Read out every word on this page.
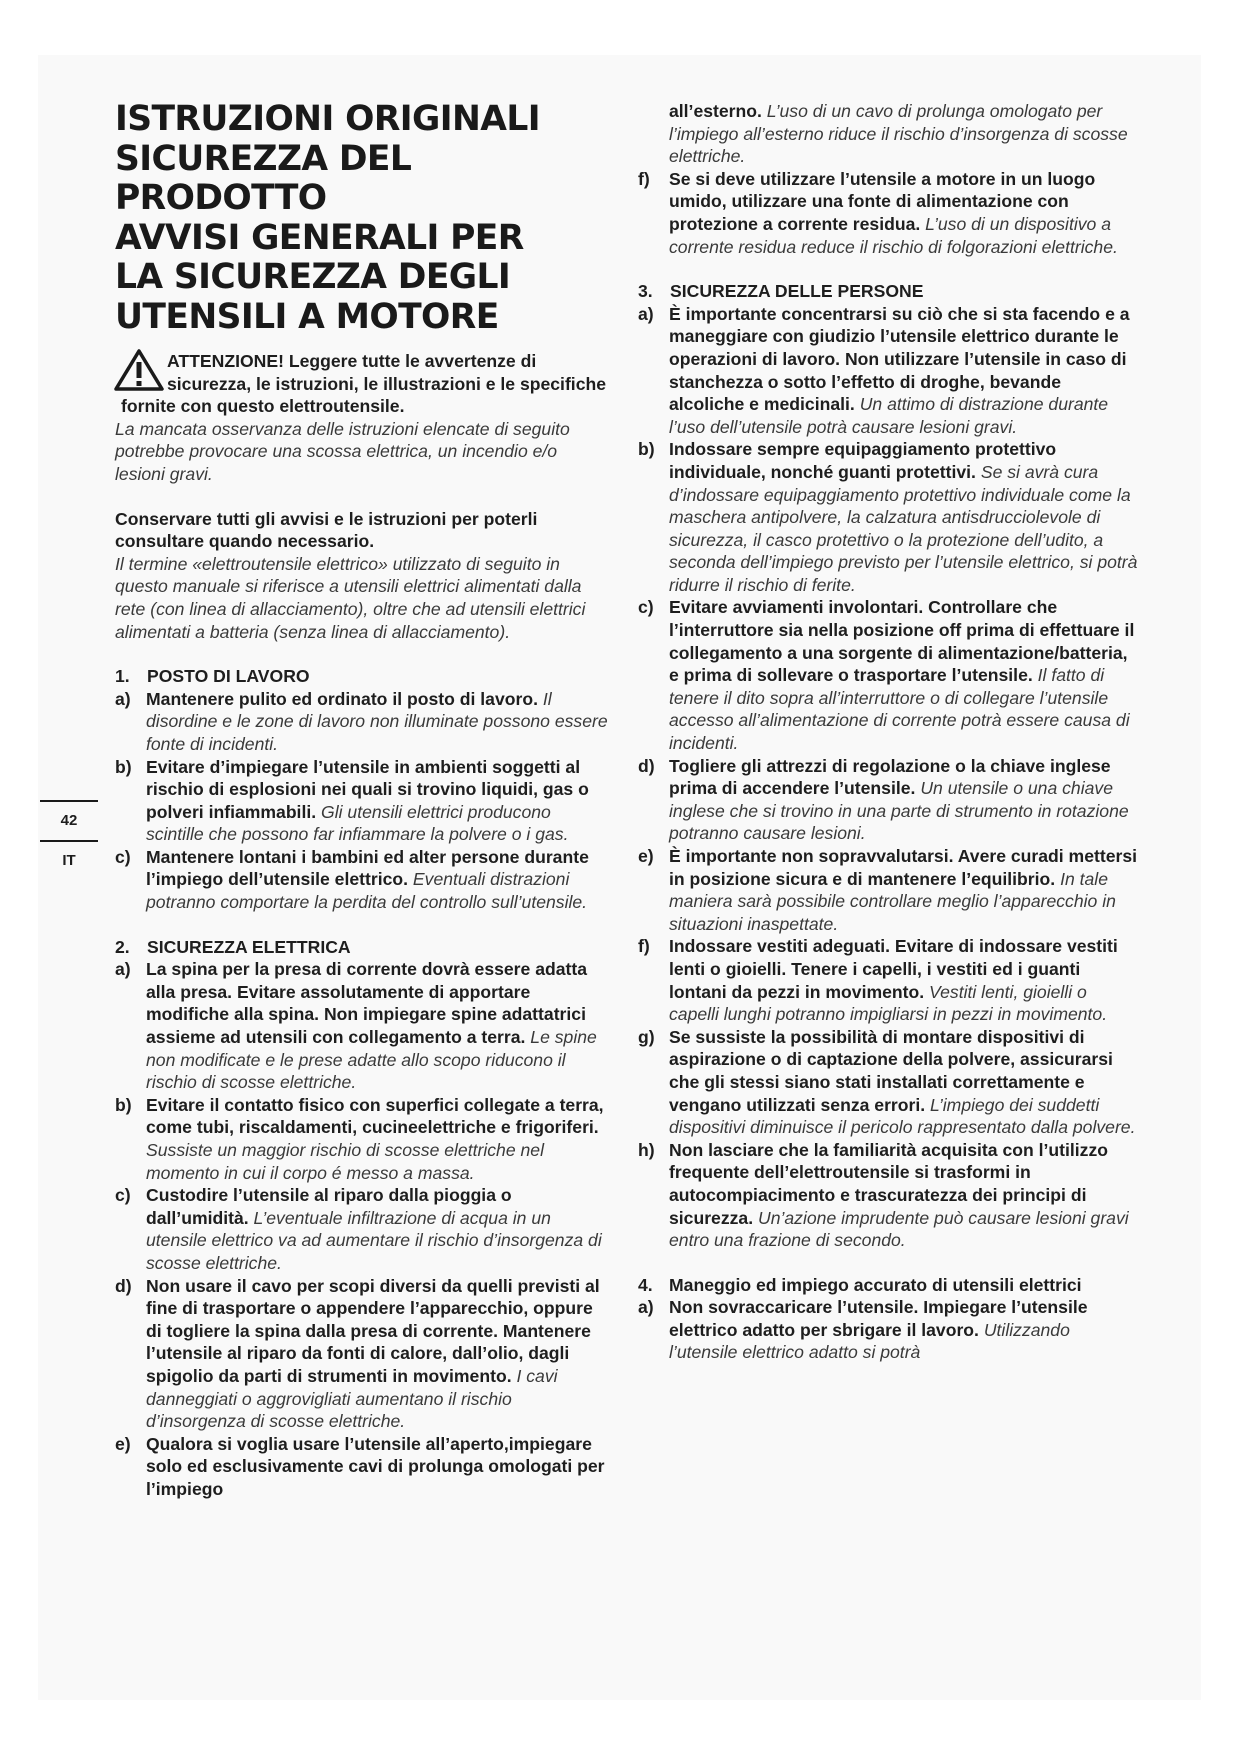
42
IT
ISTRUZIONI ORIGINALI
SICUREZZA DEL
PRODOTTO
AVVISI GENERALI PER
LA SICUREZZA DEGLI
UTENSILI A MOTORE

ATTENZIONE! Leggere tutte le avvertenze di sicurezza, le istruzioni, le illustrazioni e le specifiche fornite con questo elettroutensile.

La mancata osservanza delle istruzioni elencate di seguito potrebbe provocare una scossa elettrica, un incendio e/o lesioni gravi.

Conservare tutti gli avvisi e le istruzioni per poterli consultare quando necessario.

Il termine «elettroutensile elettrico» utilizzato di seguito in questo manuale si riferisce a utensili elettrici alimentati dalla rete (con linea di allacciamento), oltre che ad utensili elettrici alimentati a batteria (senza linea di allacciamento).

1. POSTO DI LAVORO
a) Mantenere pulito ed ordinato il posto di lavoro. Il disordine e le zone di lavoro non illuminate possono essere fonte di incidenti.
b) Evitare d’impiegare l’utensile in ambienti soggetti al rischio di esplosioni nei quali si trovino liquidi, gas o polveri infiammabili. Gli utensili elettrici producono scintille che possono far infiammare la polvere o i gas.
c) Mantenere lontani i bambini ed alter persone durante l’impiego dell’utensile elettrico. Eventuali distrazioni potranno comportare la perdita del controllo sull’utensile.
2. SICUREZZA ELETTRICA
a) La spina per la presa di corrente dovrà essere adatta alla presa. Evitare assolutamente di apportare modifiche alla spina. Non impiegare spine adattatrici assieme ad utensili con collegamento a terra. Le spine non modificate e le prese adatte allo scopo riducono il rischio di scosse elettriche.
b) Evitare il contatto fisico con superfici collegate a terra, come tubi, riscaldamenti, cucineelettriche e frigoriferi. Sussiste un maggior rischio di scosse elettriche nel momento in cui il corpo é messo a massa.
c) Custodire l’utensile al riparo dalla pioggia o dall’umidità. L’eventuale infiltrazione di acqua in un utensile elettrico va ad aumentare il rischio d’insorgenza di scosse elettriche.
d) Non usare il cavo per scopi diversi da quelli previsti al fine di trasportare o appendere l’apparecchio, oppure di togliere la spina dalla presa di corrente. Mantenere l’utensile al riparo da fonti di calore, dall’olio, dagli spigolio da parti di strumenti in movimento. I cavi danneggiati o aggrovigliati aumentano il rischio d’insorgenza di scosse elettriche.
e) Qualora si voglia usare l’utensile all’aperto,impiegare solo ed esclusivamente cavi di prolunga omologati per l’impiego
all’esterno. L’uso di un cavo di prolunga omologato per l’impiego all’esterno riduce il rischio d’insorgenza di scosse elettriche.
f) Se si deve utilizzare l’utensile a motore in un luogo umido, utilizzare una fonte di alimentazione con protezione a corrente residua. L’uso di un dispositivo a corrente residua reduce il rischio di folgorazioni elettriche.
3. SICUREZZA DELLE PERSONE
a) È importante concentrarsi su ciò che si sta facendo e a maneggiare con giudizio l’utensile elettrico durante le operazioni di lavoro. Non utilizzare l’utensile in caso di stanchezza o sotto l’effetto di droghe, bevande alcoliche e medicinali. Un attimo di distrazione durante l’uso dell’utensile potrà causare lesioni gravi.
b) Indossare sempre equipaggiamento protettivo individuale, nonché guanti protettivi. Se si avrà cura d’indossare equipaggiamento protettivo individuale come la maschera antipolvere, la calzatura antisdrucciolevole di sicurezza, il casco protettivo o la protezione dell’udito, a seconda dell’impiego previsto per l’utensile elettrico, si potrà ridurre il rischio di ferite.
c) Evitare avviamenti involontari. Controllare che l’interruttore sia nella posizione off prima di effettuare il collegamento a una sorgente di alimentazione/batteria, e prima di sollevare o trasportare l’utensile. Il fatto di tenere il dito sopra all’interruttore o di collegare l’utensile accesso all’alimentazione di corrente potrà essere causa di incidenti.
d) Togliere gli attrezzi di regolazione o la chiave inglese prima di accendere l’utensile. Un utensile o una chiave inglese che si trovino in una parte di strumento in rotazione potranno causare lesioni.
e) È importante non sopravvalutarsi. Avere curadi mettersi in posizione sicura e di mantenere l’equilibrio. In tale maniera sarà possibile controllare meglio l’apparecchio in situazioni inaspettate.
f) Indossare vestiti adeguati. Evitare di indossare vestiti lenti o gioielli. Tenere i capelli, i vestiti ed i guanti lontani da pezzi in movimento. Vestiti lenti, gioielli o capelli lunghi potranno impigliarsi in pezzi in movimento.
g) Se sussiste la possibilità di montare dispositivi di aspirazione o di captazione della polvere, assicurarsi che gli stessi siano stati installati correttamente e vengano utilizzati senza errori. L’impiego dei suddetti dispositivi diminuisce il pericolo rappresentato dalla polvere.
h) Non lasciare che la familiarità acquisita con l’utilizzo frequente dell’elettroutensile si trasformi in autocompiacimento e trascuratezza dei principi di sicurezza. Un’azione imprudente può causare lesioni gravi entro una frazione di secondo.
4. Maneggio ed impiego accurato di utensili elettrici
a) Non sovraccaricare l’utensile. Impiegare l’utensile elettrico adatto per sbrigare il lavoro. Utilizzando l’utensile elettrico adatto si potrà
